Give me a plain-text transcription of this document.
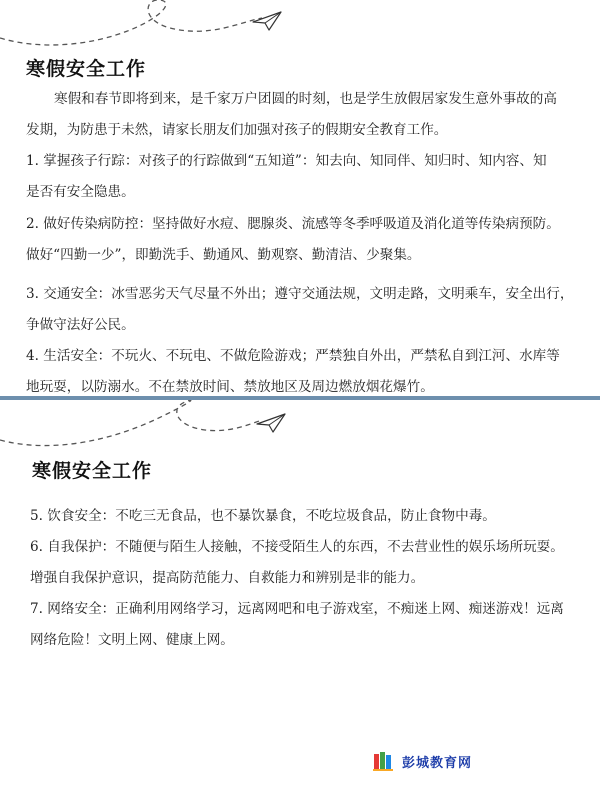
寒假安全工作
寒假和春节即将到来，是千家万户团圆的时刻，也是学生放假居家发生意外事故的高
发期，为防患于未然，请家长朋友们加强对孩子的假期安全教育工作。
1. 掌握孩子行踪：对孩子的行踪做到“五知道”：知去向、知同伴、知归时、知内容、知
是否有安全隐患。
2. 做好传染病防控：坚持做好水痘、腮腺炎、流感等冬季呼吸道及消化道等传染病预防。
做好“四勤一少”，即勤洗手、勤通风、勤观察、勤清洁、少聚集。
3. 交通安全：冰雪恶劣天气尽量不外出；遵守交通法规，文明走路，文明乘车，安全出行，
争做守法好公民。
4. 生活安全：不玩火、不玩电、不做危险游戏；严禁独自外出，严禁私自到江河、水库等
地玩耍，以防溺水。不在禁放时间、禁放地区及周边燃放烟花爆竹。
寒假安全工作
5. 饮食安全：不吃三无食品，也不暴饮暴食，不吃垃圾食品，防止食物中毒。
6. 自我保护：不随便与陌生人接触，不接受陌生人的东西，不去营业性的娱乐场所玩耍。
增强自我保护意识，提高防范能力、自救能力和辨别是非的能力。
7. 网络安全：正确利用网络学习，远离网吧和电子游戏室，不痴迷上网、痴迷游戏！远离
网络危险！文明上网、健康上网。
彭城教育网
